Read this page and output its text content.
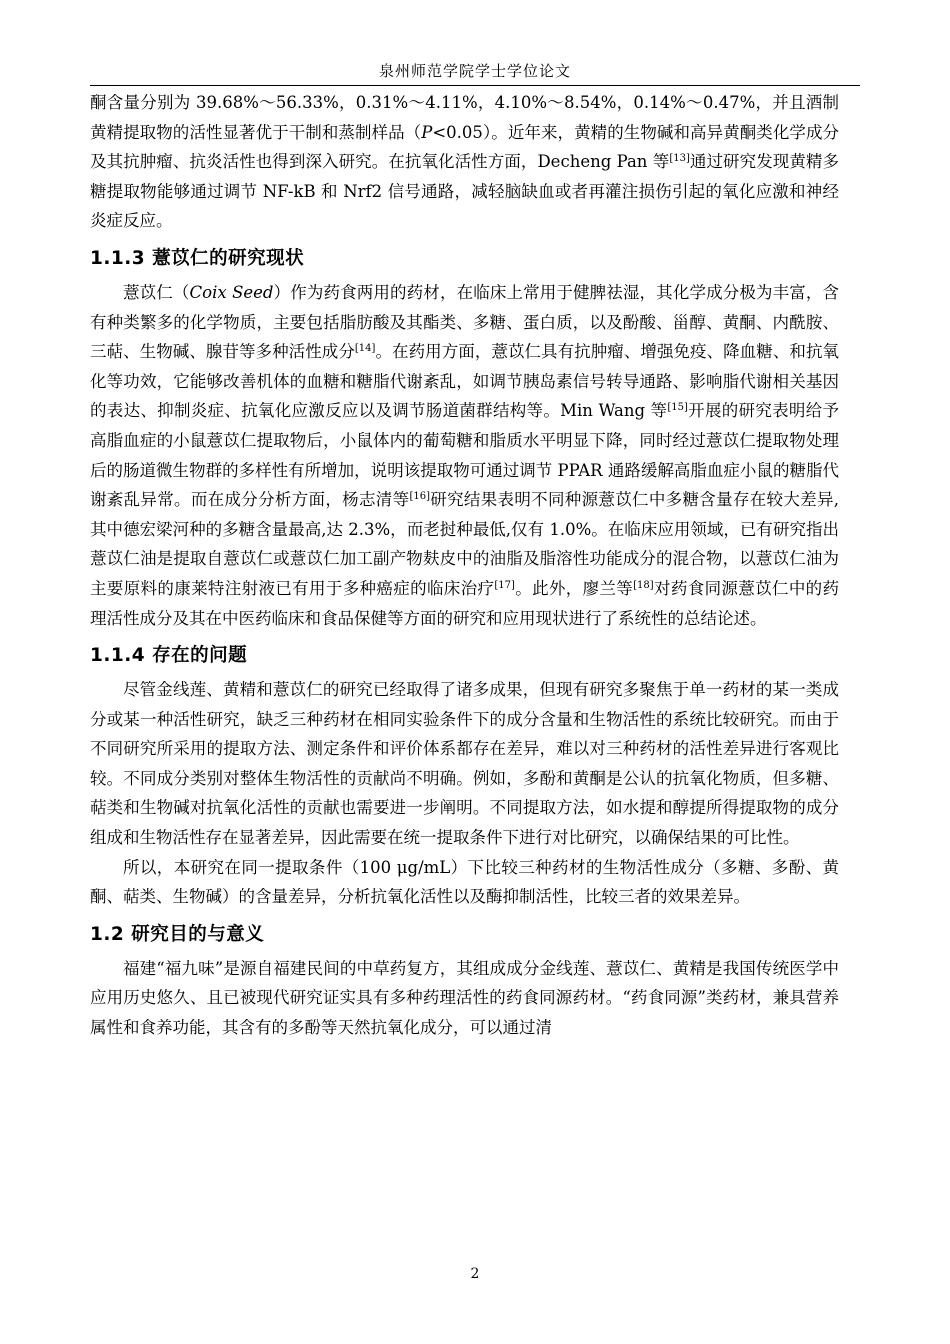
泉州师范学院学士学位论文

酮含量分别为 39.68%～56.33%，0.31%～4.11%，4.10%～8.54%，0.14%～0.47%，并且酒制黄精提取物的活性显著优于干制和蒸制样品（P<0.05）。近年来，黄精的生物碱和高异黄酮类化学成分及其抗肿瘤、抗炎活性也得到深入研究。在抗氧化活性方面，Decheng Pan 等[13]通过研究发现黄精多糖提取物能够通过调节 NF-kB 和 Nrf2 信号通路，减轻脑缺血或者再灌注损伤引起的氧化应激和神经炎症反应。

1.1.3 薏苡仁的研究现状

薏苡仁（Coix Seed）作为药食两用的药材，在临床上常用于健脾祛湿，其化学成分极为丰富，含有种类繁多的化学物质，主要包括脂肪酸及其酯类、多糖、蛋白质，以及酚酸、甾醇、黄酮、内酰胺、三萜、生物碱、腺苷等多种活性成分[14]。在药用方面，薏苡仁具有抗肿瘤、增强免疫、降血糖、和抗氧化等功效，它能够改善机体的血糖和糖脂代谢紊乱，如调节胰岛素信号转导通路、影响脂代谢相关基因的表达、抑制炎症、抗氧化应激反应以及调节肠道菌群结构等。Min Wang 等[15]开展的研究表明给予高脂血症的小鼠薏苡仁提取物后，小鼠体内的葡萄糖和脂质水平明显下降，同时经过薏苡仁提取物处理后的肠道微生物群的多样性有所增加，说明该提取物可通过调节 PPAR 通路缓解高脂血症小鼠的糖脂代谢紊乱异常。而在成分分析方面，杨志清等[16]研究结果表明不同种源薏苡仁中多糖含量存在较大差异,其中德宏梁河种的多糖含量最高,达 2.3%，而老挝种最低,仅有 1.0%。在临床应用领域，已有研究指出薏苡仁油是提取自薏苡仁或薏苡仁加工副产物麸皮中的油脂及脂溶性功能成分的混合物，以薏苡仁油为主要原料的康莱特注射液已有用于多种癌症的临床治疗[17]。此外，廖兰等[18]对药食同源薏苡仁中的药理活性成分及其在中医药临床和食品保健等方面的研究和应用现状进行了系统性的总结论述。

1.1.4 存在的问题

尽管金线莲、黄精和薏苡仁的研究已经取得了诸多成果，但现有研究多聚焦于单一药材的某一类成分或某一种活性研究，缺乏三种药材在相同实验条件下的成分含量和生物活性的系统比较研究。而由于不同研究所采用的提取方法、测定条件和评价体系都存在差异，难以对三种药材的活性差异进行客观比较。不同成分类别对整体生物活性的贡献尚不明确。例如，多酚和黄酮是公认的抗氧化物质，但多糖、萜类和生物碱对抗氧化活性的贡献也需要进一步阐明。不同提取方法，如水提和醇提所得提取物的成分组成和生物活性存在显著差异，因此需要在统一提取条件下进行对比研究，以确保结果的可比性。

所以，本研究在同一提取条件（100 μg/mL）下比较三种药材的生物活性成分（多糖、多酚、黄酮、萜类、生物碱）的含量差异，分析抗氧化活性以及酶抑制活性，比较三者的效果差异。

1.2 研究目的与意义

福建“福九味”是源自福建民间的中草药复方，其组成成分金线莲、薏苡仁、黄精是我国传统医学中应用历史悠久、且已被现代研究证实具有多种药理活性的药食同源药材。“药食同源”类药材，兼具营养属性和食养功能，其含有的多酚等天然抗氧化成分，可以通过清

2
